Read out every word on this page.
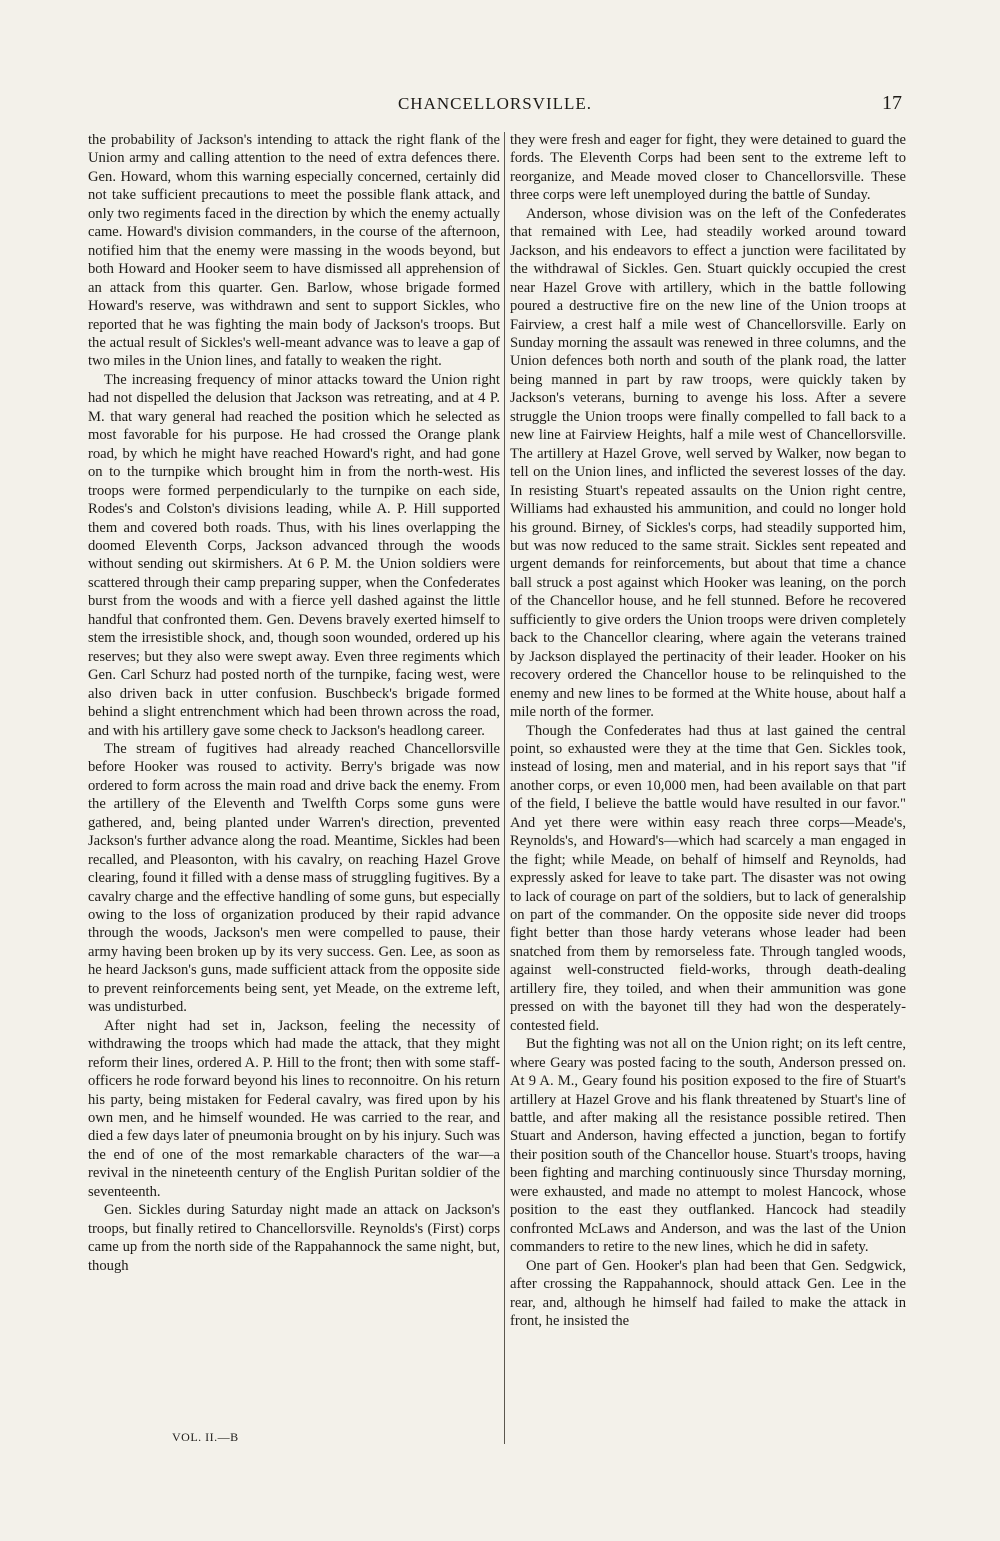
CHANCELLORSVILLE.	17

the probability of Jackson's intending to attack the right flank of the Union army and calling attention to the need of extra defences there. Gen. Howard, whom this warning especially concerned, certainly did not take sufficient precautions to meet the possible flank attack, and only two regiments faced in the direction by which the enemy actually came. Howard's division commanders, in the course of the afternoon, notified him that the enemy were massing in the woods beyond, but both Howard and Hooker seem to have dismissed all apprehension of an attack from this quarter. Gen. Barlow, whose brigade formed Howard's reserve, was withdrawn and sent to support Sickles, who reported that he was fighting the main body of Jackson's troops. But the actual result of Sickles's well-meant advance was to leave a gap of two miles in the Union lines, and fatally to weaken the right.

The increasing frequency of minor attacks toward the Union right had not dispelled the delusion that Jackson was retreating, and at 4 P. M. that wary general had reached the position which he selected as most favorable for his purpose. He had crossed the Orange plank road, by which he might have reached Howard's right, and had gone on to the turnpike which brought him in from the north-west. His troops were formed perpendicularly to the turnpike on each side, Rodes's and Colston's divisions leading, while A. P. Hill supported them and covered both roads. Thus, with his lines overlapping the doomed Eleventh Corps, Jackson advanced through the woods without sending out skirmishers. At 6 P. M. the Union soldiers were scattered through their camp preparing supper, when the Confederates burst from the woods and with a fierce yell dashed against the little handful that confronted them. Gen. Devens bravely exerted himself to stem the irresistible shock, and, though soon wounded, ordered up his reserves; but they also were swept away. Even three regiments which Gen. Carl Schurz had posted north of the turnpike, facing west, were also driven back in utter confusion. Buschbeck's brigade formed behind a slight entrenchment which had been thrown across the road, and with his artillery gave some check to Jackson's headlong career.

The stream of fugitives had already reached Chancellorsville before Hooker was roused to activity. Berry's brigade was now ordered to form across the main road and drive back the enemy. From the artillery of the Eleventh and Twelfth Corps some guns were gathered, and, being planted under Warren's direction, prevented Jackson's further advance along the road. Meantime, Sickles had been recalled, and Pleasonton, with his cavalry, on reaching Hazel Grove clearing, found it filled with a dense mass of struggling fugitives. By a cavalry charge and the effective handling of some guns, but especially owing to the loss of organization produced by their rapid advance through the woods, Jackson's men were compelled to pause, their army having been broken up by its very success. Gen. Lee, as soon as he heard Jackson's guns, made sufficient attack from the opposite side to prevent reinforcements being sent, yet Meade, on the extreme left, was undisturbed.

After night had set in, Jackson, feeling the necessity of withdrawing the troops which had made the attack, that they might reform their lines, ordered A. P. Hill to the front; then with some staff-officers he rode forward beyond his lines to reconnoitre. On his return his party, being mistaken for Federal cavalry, was fired upon by his own men, and he himself wounded. He was carried to the rear, and died a few days later of pneumonia brought on by his injury. Such was the end of one of the most remarkable characters of the war—a revival in the nineteenth century of the English Puritan soldier of the seventeenth.

Gen. Sickles during Saturday night made an attack on Jackson's troops, but finally retired to Chancellorsville. Reynolds's (First) corps came up from the north side of the Rappahannock the same night, but, though

they were fresh and eager for fight, they were detained to guard the fords. The Eleventh Corps had been sent to the extreme left to reorganize, and Meade moved closer to Chancellorsville. These three corps were left unemployed during the battle of Sunday.

Anderson, whose division was on the left of the Confederates that remained with Lee, had steadily worked around toward Jackson, and his endeavors to effect a junction were facilitated by the withdrawal of Sickles. Gen. Stuart quickly occupied the crest near Hazel Grove with artillery, which in the battle following poured a destructive fire on the new line of the Union troops at Fairview, a crest half a mile west of Chancellorsville. Early on Sunday morning the assault was renewed in three columns, and the Union defences both north and south of the plank road, the latter being manned in part by raw troops, were quickly taken by Jackson's veterans, burning to avenge his loss. After a severe struggle the Union troops were finally compelled to fall back to a new line at Fairview Heights, half a mile west of Chancellorsville. The artillery at Hazel Grove, well served by Walker, now began to tell on the Union lines, and inflicted the severest losses of the day. In resisting Stuart's repeated assaults on the Union right centre, Williams had exhausted his ammunition, and could no longer hold his ground. Birney, of Sickles's corps, had steadily supported him, but was now reduced to the same strait. Sickles sent repeated and urgent demands for reinforcements, but about that time a chance ball struck a post against which Hooker was leaning, on the porch of the Chancellor house, and he fell stunned. Before he recovered sufficiently to give orders the Union troops were driven completely back to the Chancellor clearing, where again the veterans trained by Jackson displayed the pertinacity of their leader. Hooker on his recovery ordered the Chancellor house to be relinquished to the enemy and new lines to be formed at the White house, about half a mile north of the former.

Though the Confederates had thus at last gained the central point, so exhausted were they at the time that Gen. Sickles took, instead of losing, men and material, and in his report says that "if another corps, or even 10,000 men, had been available on that part of the field, I believe the battle would have resulted in our favor." And yet there were within easy reach three corps—Meade's, Reynolds's, and Howard's—which had scarcely a man engaged in the fight; while Meade, on behalf of himself and Reynolds, had expressly asked for leave to take part. The disaster was not owing to lack of courage on part of the soldiers, but to lack of generalship on part of the commander. On the opposite side never did troops fight better than those hardy veterans whose leader had been snatched from them by remorseless fate. Through tangled woods, against well-constructed field-works, through death-dealing artillery fire, they toiled, and when their ammunition was gone pressed on with the bayonet till they had won the desperately-contested field.

But the fighting was not all on the Union right; on its left centre, where Geary was posted facing to the south, Anderson pressed on. At 9 A. M., Geary found his position exposed to the fire of Stuart's artillery at Hazel Grove and his flank threatened by Stuart's line of battle, and after making all the resistance possible retired. Then Stuart and Anderson, having effected a junction, began to fortify their position south of the Chancellor house. Stuart's troops, having been fighting and marching continuously since Thursday morning, were exhausted, and made no attempt to molest Hancock, whose position to the east they outflanked. Hancock had steadily confronted McLaws and Anderson, and was the last of the Union commanders to retire to the new lines, which he did in safety.

One part of Gen. Hooker's plan had been that Gen. Sedgwick, after crossing the Rappahannock, should attack Gen. Lee in the rear, and, although he himself had failed to make the attack in front, he insisted the

VOL. II.—B
